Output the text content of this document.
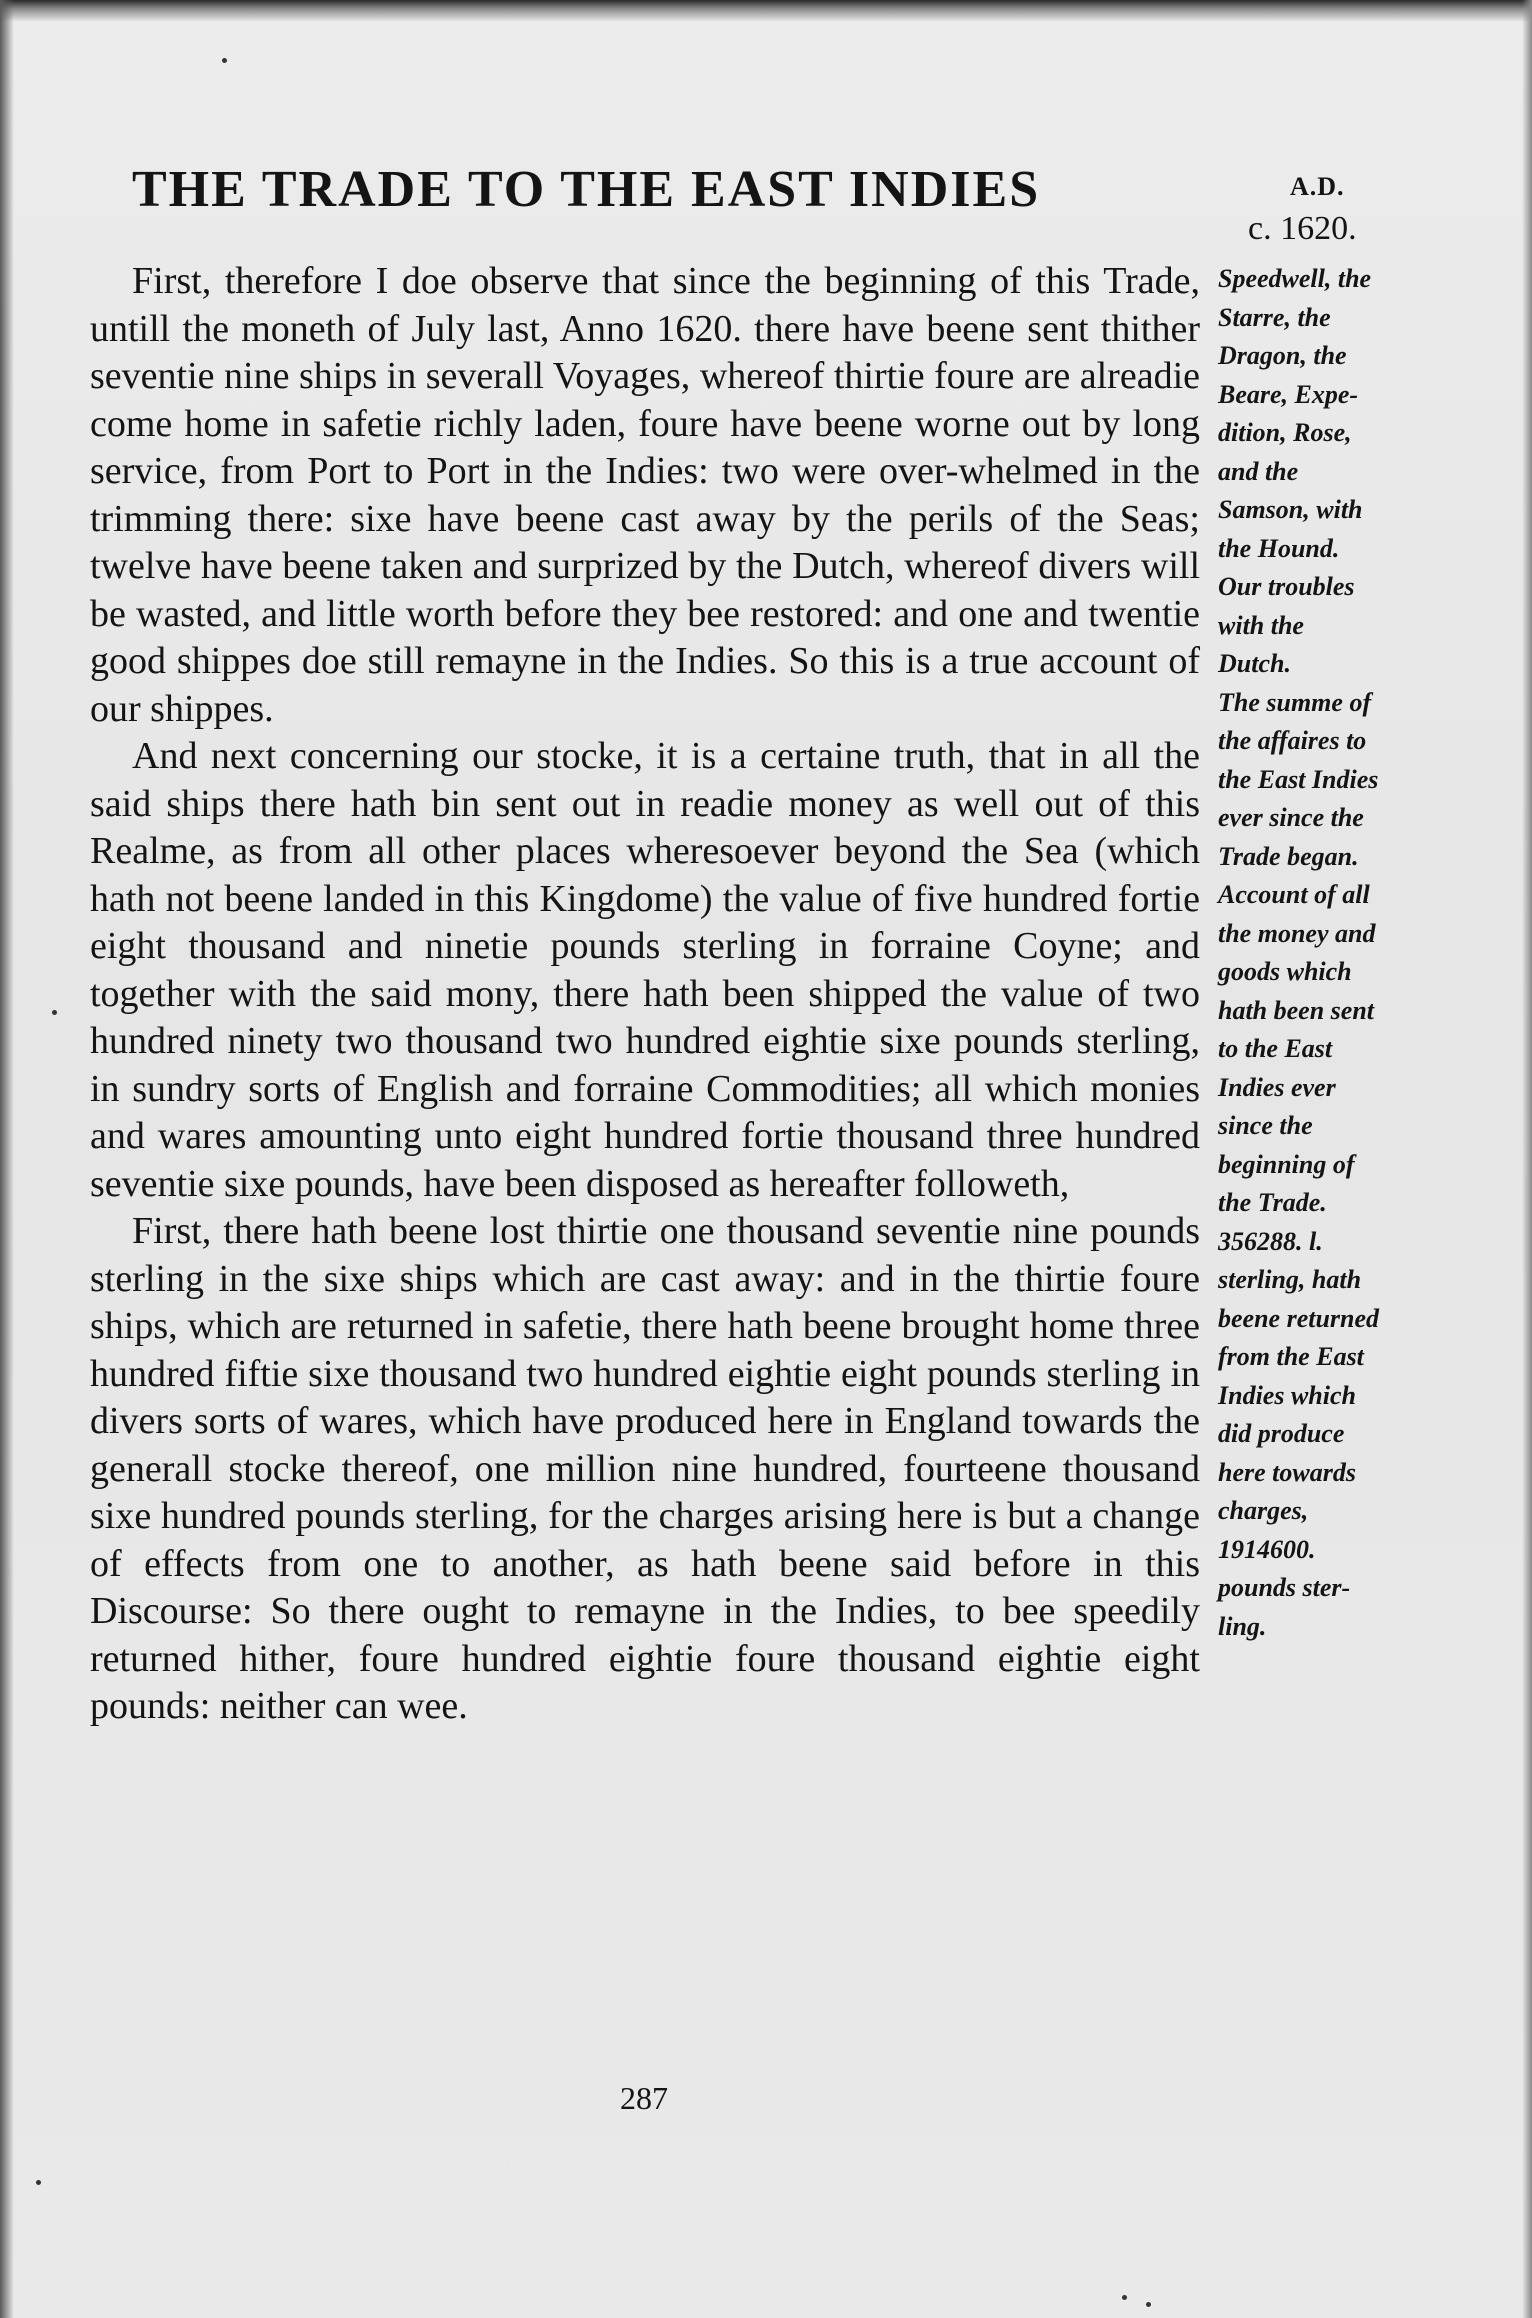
THE TRADE TO THE EAST INDIES	A.D.
c. 1620.

First, therefore I doe observe that since the beginning of this Trade, untill the moneth of July last, Anno 1620. there have beene sent thither seventie nine ships in severall Voyages, whereof thirtie foure are alreadie come home in safetie richly laden, foure have beene worne out by long service, from Port to Port in the Indies: two were over-whelmed in the trimming there: sixe have beene cast away by the perils of the Seas; twelve have beene taken and surprized by the Dutch, whereof divers will be wasted, and little worth before they bee restored: and one and twentie good shippes doe still remayne in the Indies. So this is a true account of our shippes.

And next concerning our stocke, it is a certaine truth, that in all the said ships there hath bin sent out in readie money as well out of this Realme, as from all other places wheresoever beyond the Sea (which hath not beene landed in this Kingdome) the value of five hundred fortie eight thousand and ninetie pounds sterling in forraine Coyne; and together with the said mony, there hath been shipped the value of two hundred ninety two thousand two hundred eightie sixe pounds sterling, in sundry sorts of English and forraine Commodities; all which monies and wares amounting unto eight hundred fortie thousand three hundred seventie sixe pounds, have been disposed as hereafter followeth,

First, there hath beene lost thirtie one thousand seventie nine pounds sterling in the sixe ships which are cast away: and in the thirtie foure ships, which are returned in safetie, there hath beene brought home three hundred fiftie sixe thousand two hundred eightie eight pounds sterling in divers sorts of wares, which have produced here in England towards the generall stocke thereof, one million nine hundred, fourteene thousand sixe hundred pounds sterling, for the charges arising here is but a change of effects from one to another, as hath beene said before in this Discourse: So there ought to remayne in the Indies, to bee speedily returned hither, foure hundred eightie foure thousand eightie eight pounds: neither can wee.

Speedwell, the
Starre, the
Dragon, the
Beare, Expe-
dition, Rose,
and the
Samson, with
the Hound.

Our troubles
with the
Dutch.

The summe of
the affaires to
the East Indies
ever since the
Trade began.

Account of all
the money and
goods which
hath been sent
to the East
Indies ever
since the
beginning of
the Trade.

356288. l.
sterling, hath
beene returned
from the East
Indies which
did produce
here towards
charges,
1914600.
pounds ster-
ling.

287
